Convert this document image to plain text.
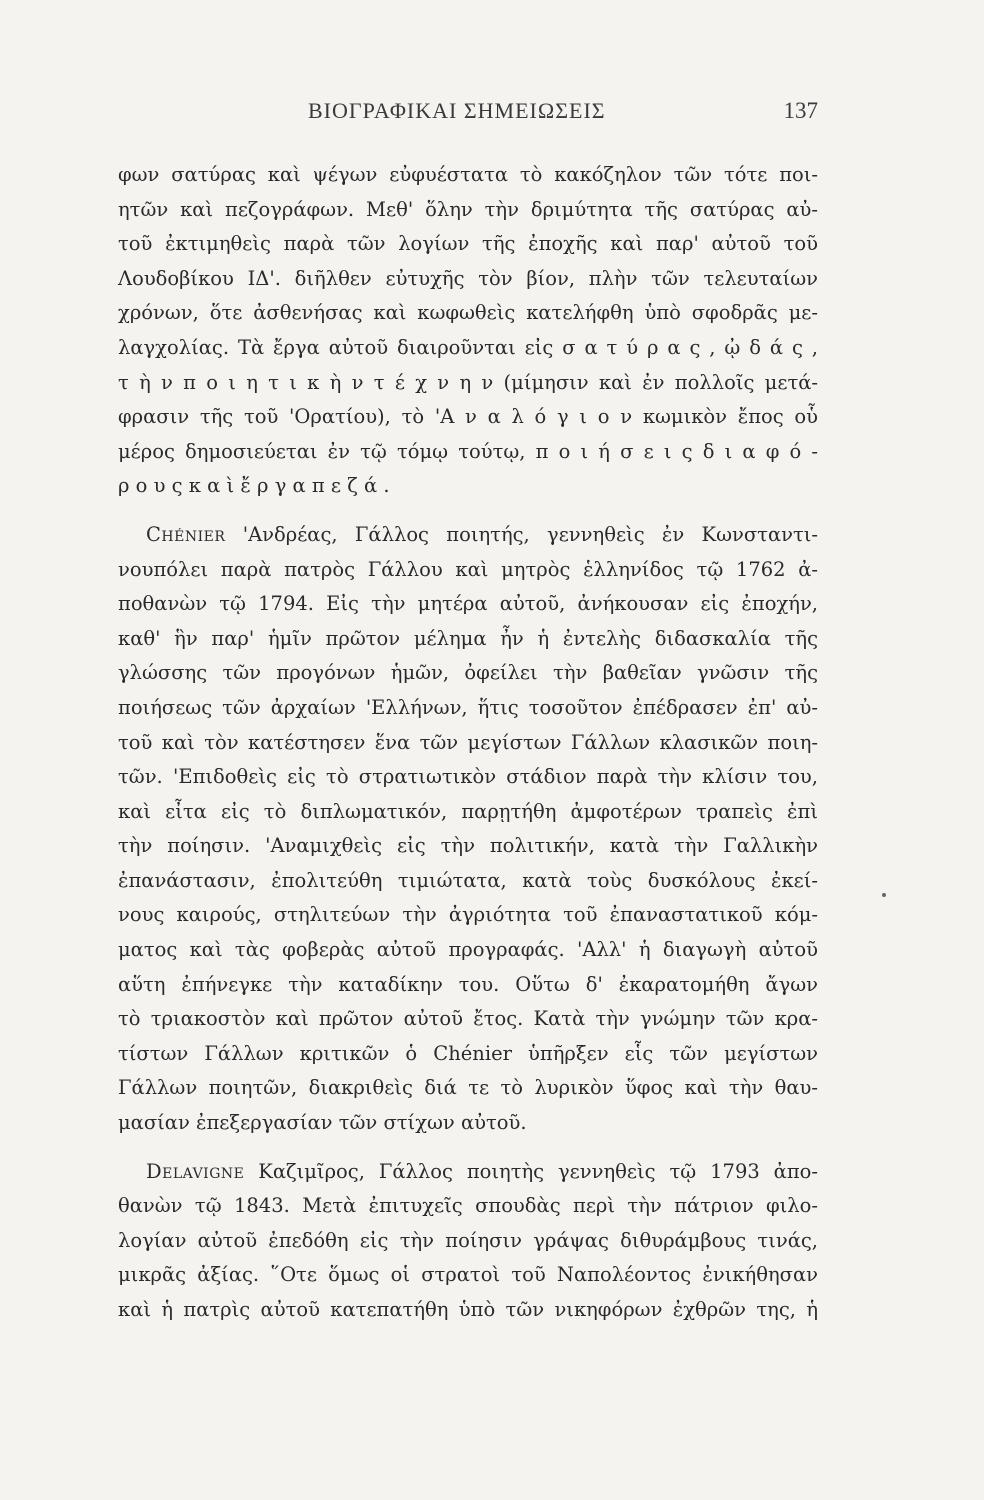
ΒΙΟΓΡΑΦΙΚΑΙ ΣΗΜΕΙΩΣΕΙΣ	137
φων σατύρας καὶ ψέγων εὐφυέστατα τὸ κακόζηλον τῶν τότε ποι-
ητῶν καὶ πεζογράφων. Μεθ' ὅλην τὴν δριμύτητα τῆς σατύρας αὐ-
τοῦ ἐκτιμηθεὶς παρὰ τῶν λογίων τῆς ἐποχῆς καὶ παρ' αὐτοῦ τοῦ
Λουδοβίκου ΙΔ'. διῆλθεν εὐτυχῆς τὸν βίον, πλὴν τῶν τελευταίων
χρόνων, ὅτε ἀσθενήσας καὶ κωφωθεὶς κατελήφθη ὑπὸ σφοδρᾶς με-
λαγχολίας. Τὰ ἔργα αὐτοῦ διαιροῦνται εἰς σ α τ ύ ρ α ς , ᾠ δ ά ς ,
τ ὴ ν π ο ι η τ ι κ ὴ ν τ έ χ ν η ν (μίμησιν καὶ ἐν πολλοῖς μετά-
φρασιν τῆς τοῦ 'Ορατίου), τὸ 'Α ν α λ ό γ ι ο ν κωμικὸν ἔπος οὗ
μέρος δημοσιεύεται ἐν τῷ τόμῳ τούτῳ, π ο ι ή σ ε ι ς δ ι α φ ό -
ρ ο υ ς κ α ὶ ἔ ρ γ α π ε ζ ά .
Chénier 'Ανδρέας, Γάλλος ποιητής, γεννηθεὶς ἐν Κωνσταντι-
νουπόλει παρὰ πατρὸς Γάλλου καὶ μητρὸς ἑλληνίδος τῷ 1762 ἀ-
ποθανὼν τῷ 1794. Εἰς τὴν μητέρα αὐτοῦ, ἀνήκουσαν εἰς ἐποχήν,
καθ' ἣν παρ' ἡμῖν πρῶτον μέλημα ἦν ἡ ἐντελὴς διδασκαλία τῆς
γλώσσης τῶν προγόνων ἡμῶν, ὀφείλει τὴν βαθεῖαν γνῶσιν τῆς
ποιήσεως τῶν ἀρχαίων 'Ελλήνων, ἥτις τοσοῦτον ἐπέδρασεν ἐπ' αὐ-
τοῦ καὶ τὸν κατέστησεν ἕνα τῶν μεγίστων Γάλλων κλασικῶν ποιη-
τῶν. 'Επιδοθεὶς εἰς τὸ στρατιωτικὸν στάδιον παρὰ τὴν κλίσιν του,
καὶ εἶτα εἰς τὸ διπλωματικόν, παρῃτήθη ἀμφοτέρων τραπεὶς ἐπὶ
τὴν ποίησιν. 'Αναμιχθεὶς εἰς τὴν πολιτικήν, κατὰ τὴν Γαλλικὴν
ἐπανάστασιν, ἐπολιτεύθη τιμιώτατα, κατὰ τοὺς δυσκόλους ἐκεί-
νους καιρούς, στηλιτεύων τὴν ἀγριότητα τοῦ ἐπαναστατικοῦ κόμ-
ματος καὶ τὰς φοβερὰς αὐτοῦ προγραφάς. 'Αλλ' ἡ διαγωγὴ αὐτοῦ
αὕτη ἐπήνεγκε τὴν καταδίκην του. Οὕτω δ' ἐκαρατομήθη ἄγων
τὸ τριακοστὸν καὶ πρῶτον αὐτοῦ ἔτος. Κατὰ τὴν γνώμην τῶν κρα-
τίστων Γάλλων κριτικῶν ὁ Chénier ὑπῆρξεν εἷς τῶν μεγίστων
Γάλλων ποιητῶν, διακριθεὶς διά τε τὸ λυρικὸν ὕφος καὶ τὴν θαυ-
μασίαν ἐπεξεργασίαν τῶν στίχων αὐτοῦ.
Delavigne Καζιμῖρος, Γάλλος ποιητὴς γεννηθεὶς τῷ 1793 ἀπο-
θανὼν τῷ 1843. Μετὰ ἐπιτυχεῖς σπουδὰς περὶ τὴν πάτριον φιλο-
λογίαν αὐτοῦ ἐπεδόθη εἰς τὴν ποίησιν γράψας διθυράμβους τινάς,
μικρᾶς ἀξίας. ῞Οτε ὅμως οἱ στρατοὶ τοῦ Ναπολέοντος ἐνικήθησαν
καὶ ἡ πατρὶς αὐτοῦ κατεπατήθη ὑπὸ τῶν νικηφόρων ἐχθρῶν της, ἡ
